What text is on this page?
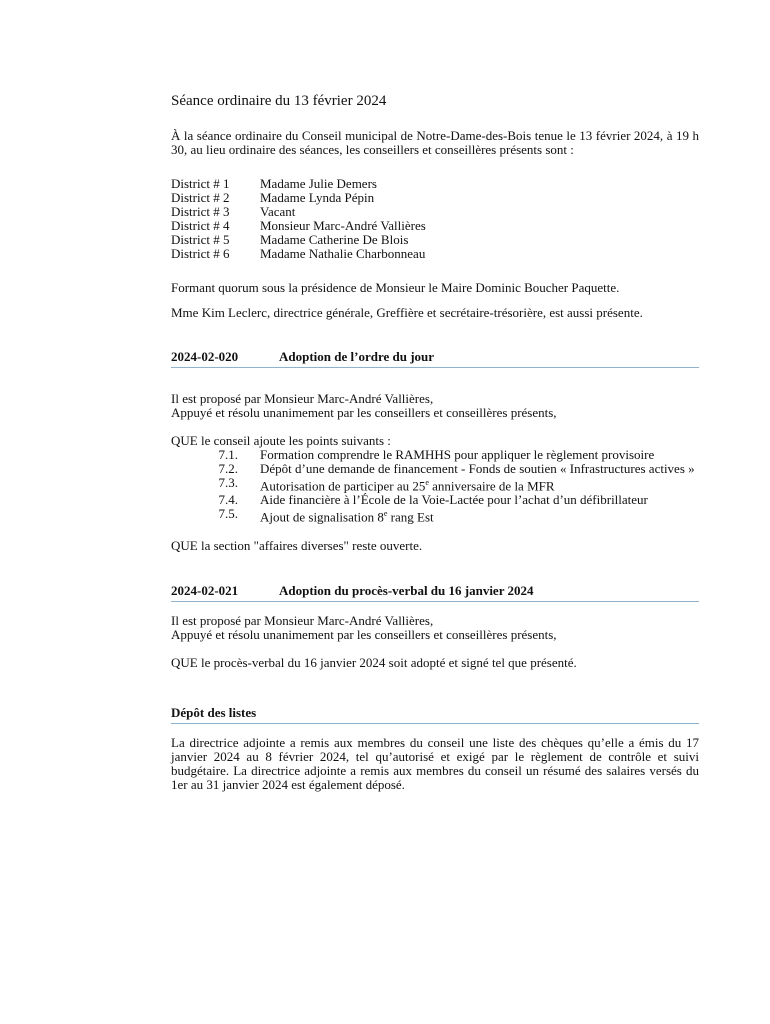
Séance ordinaire du 13 février 2024

À la séance ordinaire du Conseil municipal de Notre-Dame-des-Bois tenue le 13 février 2024, à 19 h 30, au lieu ordinaire des séances, les conseillers et conseillères présents sont :

District # 1	Madame Julie Demers
District # 2	Madame Lynda Pépin
District # 3	Vacant
District # 4	Monsieur Marc-André Vallières
District # 5	Madame Catherine De Blois
District # 6	Madame Nathalie Charbonneau

Formant quorum sous la présidence de Monsieur le Maire Dominic Boucher Paquette.

Mme Kim Leclerc, directrice générale, Greffière et secrétaire-trésorière, est aussi présente.

2024-02-020	Adoption de l’ordre du jour

Il est proposé par Monsieur Marc-André Vallières,

Appuyé et résolu unanimement par les conseillers et conseillères présents,

QUE le conseil ajoute les points suivants :

7.1.	Formation comprendre le RAMHHS pour appliquer le règlement provisoire
7.2.	Dépôt d’une demande de financement - Fonds de soutien « Infrastructures actives »
7.3.	Autorisation de participer au 25e anniversaire de la MFR
7.4.	Aide financière à l’École de la Voie-Lactée pour l’achat d’un défibrillateur
7.5.	Ajout de signalisation 8e rang Est

QUE la section "affaires diverses" reste ouverte.

2024-02-021	Adoption du procès-verbal du 16 janvier 2024

Il est proposé par Monsieur Marc-André Vallières,

Appuyé et résolu unanimement par les conseillers et conseillères présents,

QUE le procès-verbal du 16 janvier 2024 soit adopté et signé tel que présenté.

Dépôt des listes

La directrice adjointe a remis aux membres du conseil une liste des chèques qu’elle a émis du 17 janvier 2024 au 8 février 2024, tel qu’autorisé et exigé par le règlement de contrôle et suivi budgétaire. La directrice adjointe a remis aux membres du conseil un résumé des salaires versés du 1er au 31 janvier 2024 est également déposé.
